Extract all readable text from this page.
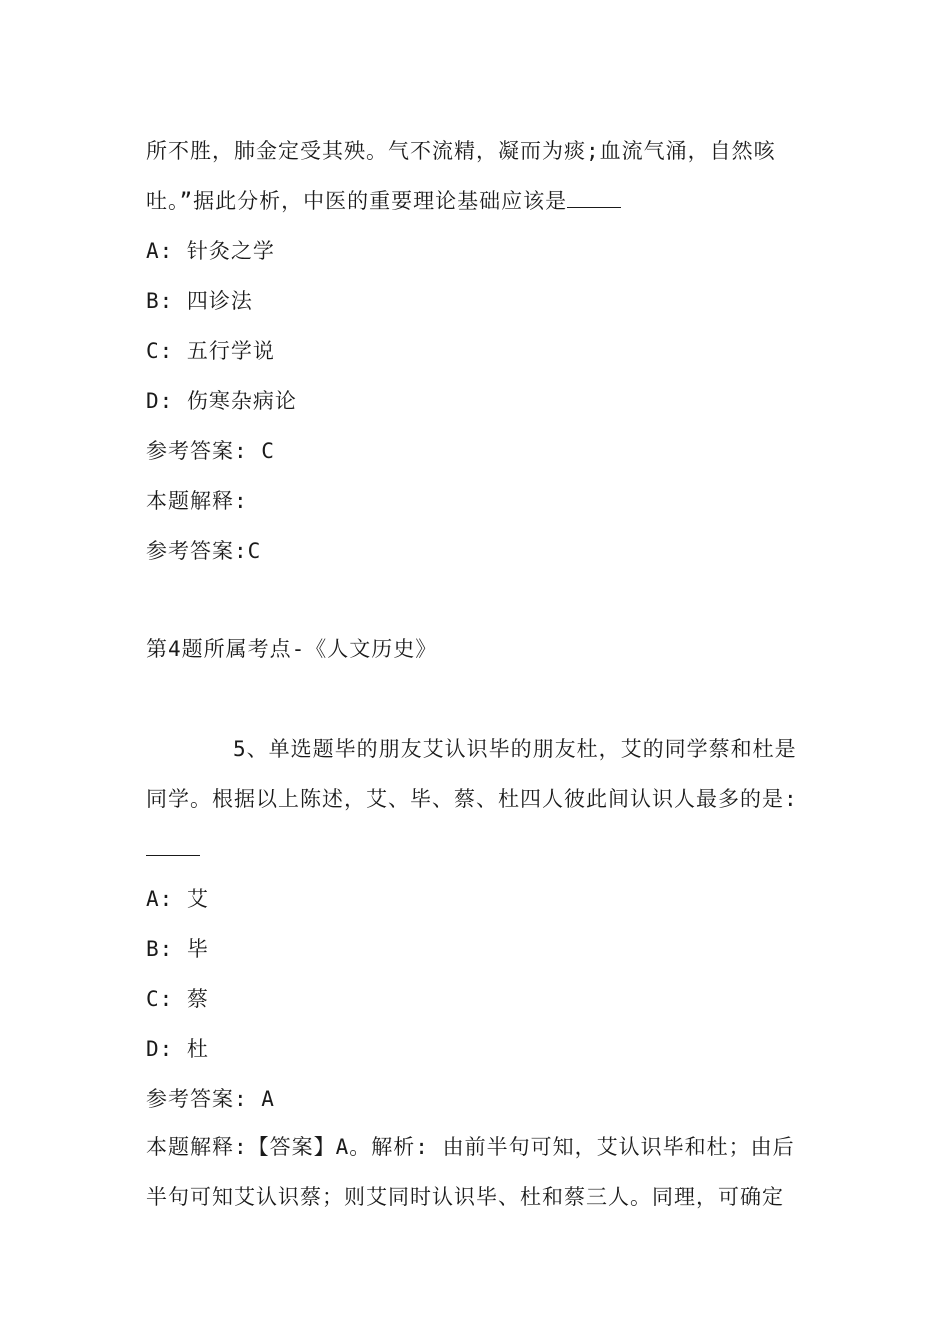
所不胜，肺金定受其殃。气不流精，凝而为痰;血流气涌，自然咳
吐。”据此分析，中医的重要理论基础应该是
A: 针灸之学
B: 四诊法
C: 五行学说
D: 伤寒杂病论
参考答案: C
本题解释:
参考答案:C
第4题所属考点-《人文历史》
5、单选题毕的朋友艾认识毕的朋友杜，艾的同学蔡和杜是
同学。根据以上陈述，艾、毕、蔡、杜四人彼此间认识人最多的是:
A: 艾
B: 毕
C: 蔡
D: 杜
参考答案: A
本题解释:【答案】A。解析: 由前半句可知，艾认识毕和杜；由后
半句可知艾认识蔡；则艾同时认识毕、杜和蔡三人。同理，可确定
